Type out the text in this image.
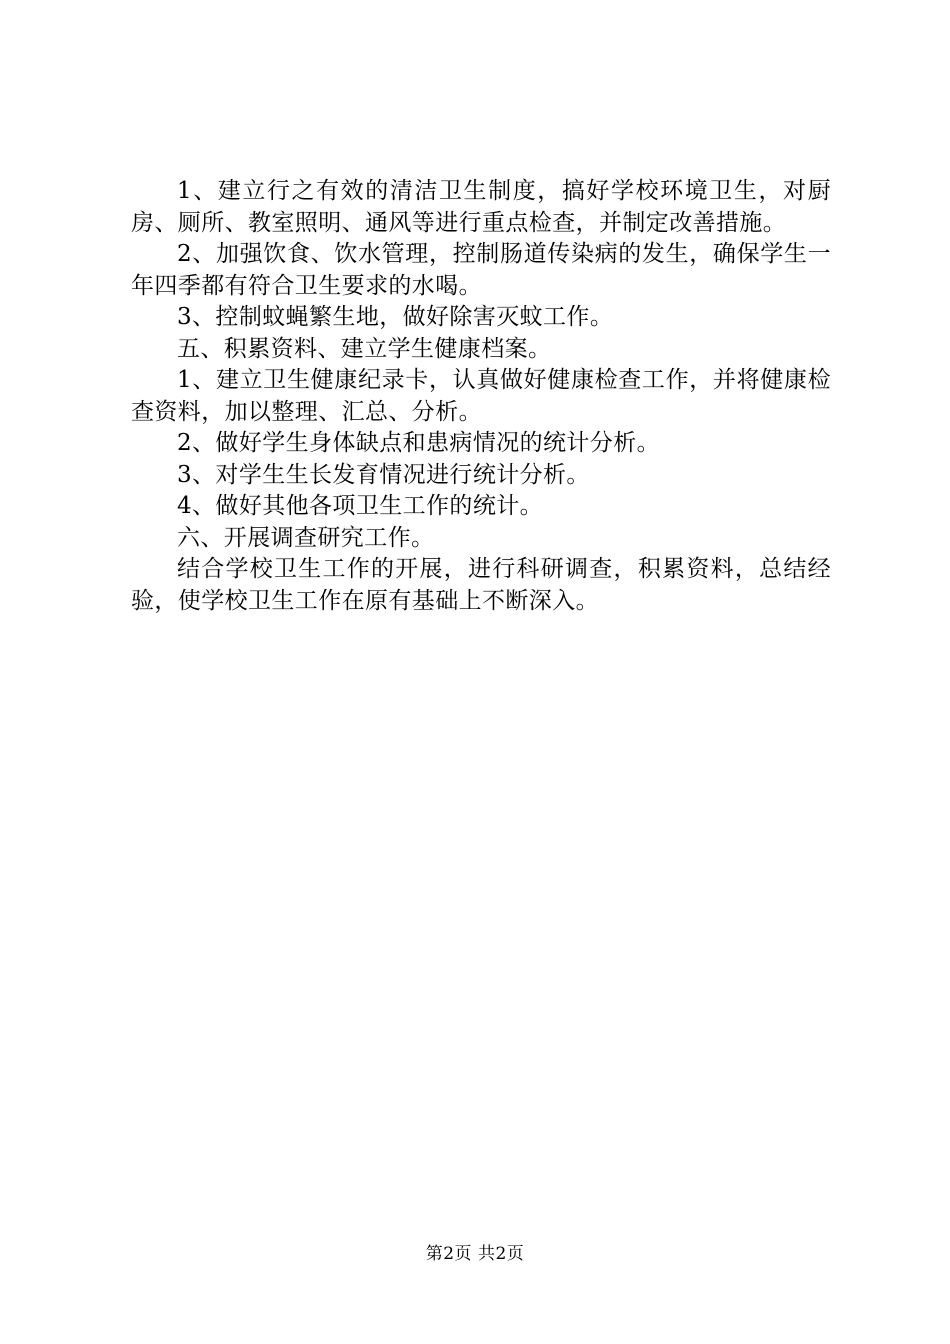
1、建立行之有效的清洁卫生制度，搞好学校环境卫生，对厨房、厕所、教室照明、通风等进行重点检查，并制定改善措施。

2、加强饮食、饮水管理，控制肠道传染病的发生，确保学生一年四季都有符合卫生要求的水喝。

3、控制蚊蝇繁生地，做好除害灭蚊工作。

五、积累资料、建立学生健康档案。

1、建立卫生健康纪录卡，认真做好健康检查工作，并将健康检查资料，加以整理、汇总、分析。

2、做好学生身体缺点和患病情况的统计分析。

3、对学生生长发育情况进行统计分析。

4、做好其他各项卫生工作的统计。

六、开展调查研究工作。

结合学校卫生工作的开展，进行科研调查，积累资料，总结经验，使学校卫生工作在原有基础上不断深入。

第2页 共2页
